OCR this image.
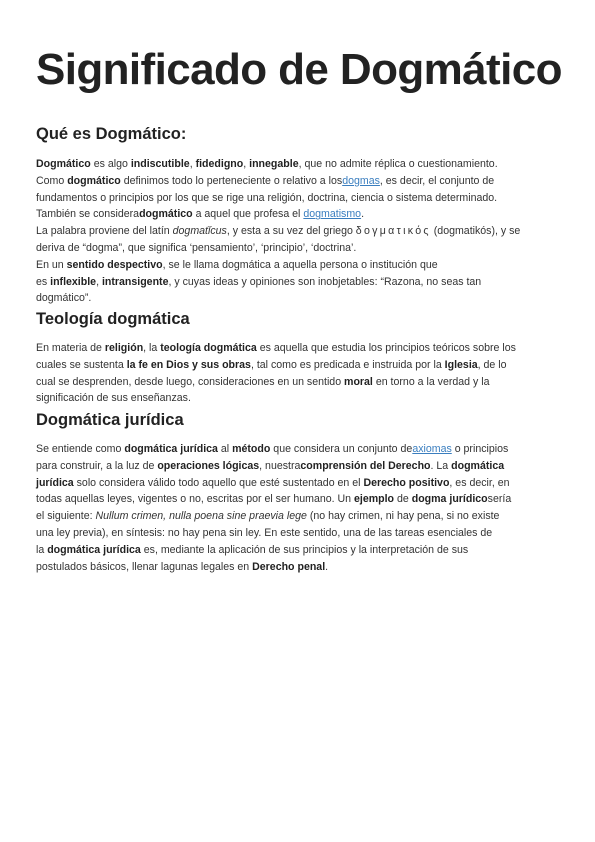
Significado de Dogmático
Qué es Dogmático:
Dogmático es algo indiscutible, fidedigno, innegable, que no admite réplica o cuestionamiento.
Como dogmático definimos todo lo perteneciente o relativo a losdogmas, es decir, el conjunto de
fundamentos o principios por los que se rige una religión, doctrina, ciencia o sistema determinado.
También se consideradogmático a aquel que profesa el dogmatismo.
La palabra proviene del latín dogmatĭcus, y esta a su vez del griego δογματικός (dogmatikós), y se
deriva de “dogma”, que significa ‘pensamiento’, ‘principio’, ‘doctrina’.
En un sentido despectivo, se le llama dogmática a aquella persona o institución que
es inflexible, intransigente, y cuyas ideas y opiniones son inobjetables: “Razona, no seas tan
dogmático”.
Teología dogmática
En materia de religión, la teología dogmática es aquella que estudia los principios teóricos sobre los
cuales se sustenta la fe en Dios y sus obras, tal como es predicada e instruida por la Iglesia, de lo
cual se desprenden, desde luego, consideraciones en un sentido moral en torno a la verdad y la
significación de sus enseñanzas.
Dogmática jurídica
Se entiende como dogmática jurídica al método que considera un conjunto deaxiomas o principios
para construir, a la luz de operaciones lógicas, nuestracomprensión del Derecho. La dogmática
jurídica solo considera válido todo aquello que esté sustentado en el Derecho positivo, es decir, en
todas aquellas leyes, vigentes o no, escritas por el ser humano. Un ejemplo de dogma jurídicosería
el siguiente: Nullum crimen, nulla poena sine praevia lege (no hay crimen, ni hay pena, si no existe
una ley previa), en síntesis: no hay pena sin ley. En este sentido, una de las tareas esenciales de
la dogmática jurídica es, mediante la aplicación de sus principios y la interpretación de sus
postulados básicos, llenar lagunas legales en Derecho penal.
